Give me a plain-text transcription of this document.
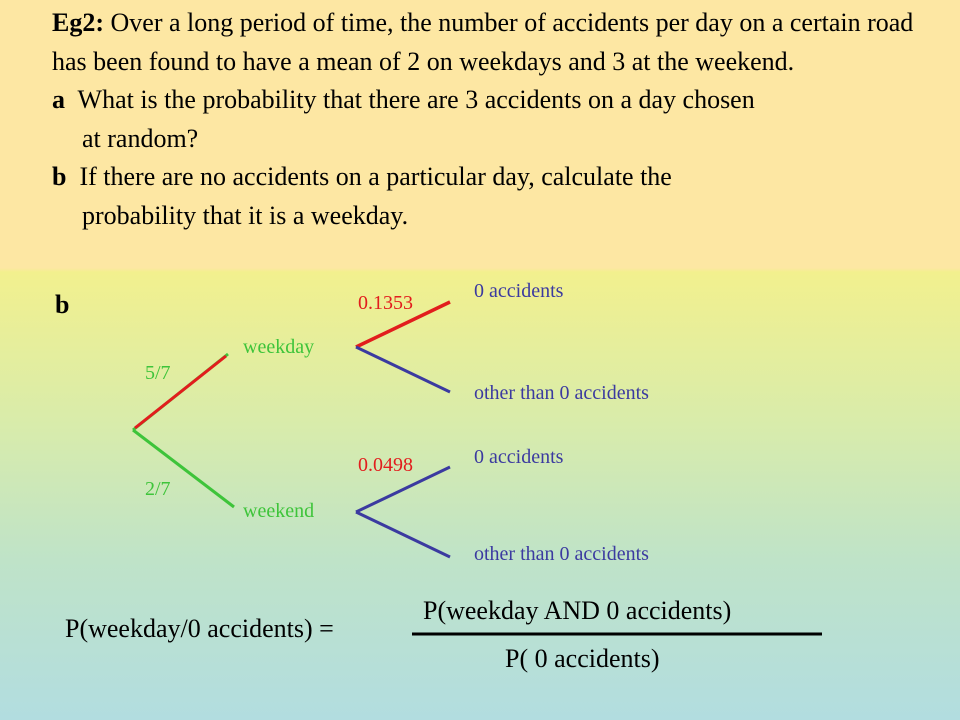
Eg2: Over a long period of time, the number of accidents per day on a certain road has been found to have a mean of 2 on weekdays and 3 at the weekend.

a What is the probability that there are 3 accidents on a day chosen

at random?

b If there are no accidents on a particular day, calculate the

probability that it is a weekday.

b
5/7
2/7
weekday
weekend
0.1353
0.0498
0 accidents
other than 0 accidents
0 accidents
other than 0 accidents
P(weekday/0 accidents) =
P(weekday AND 0 accidents)
P( 0 accidents)
